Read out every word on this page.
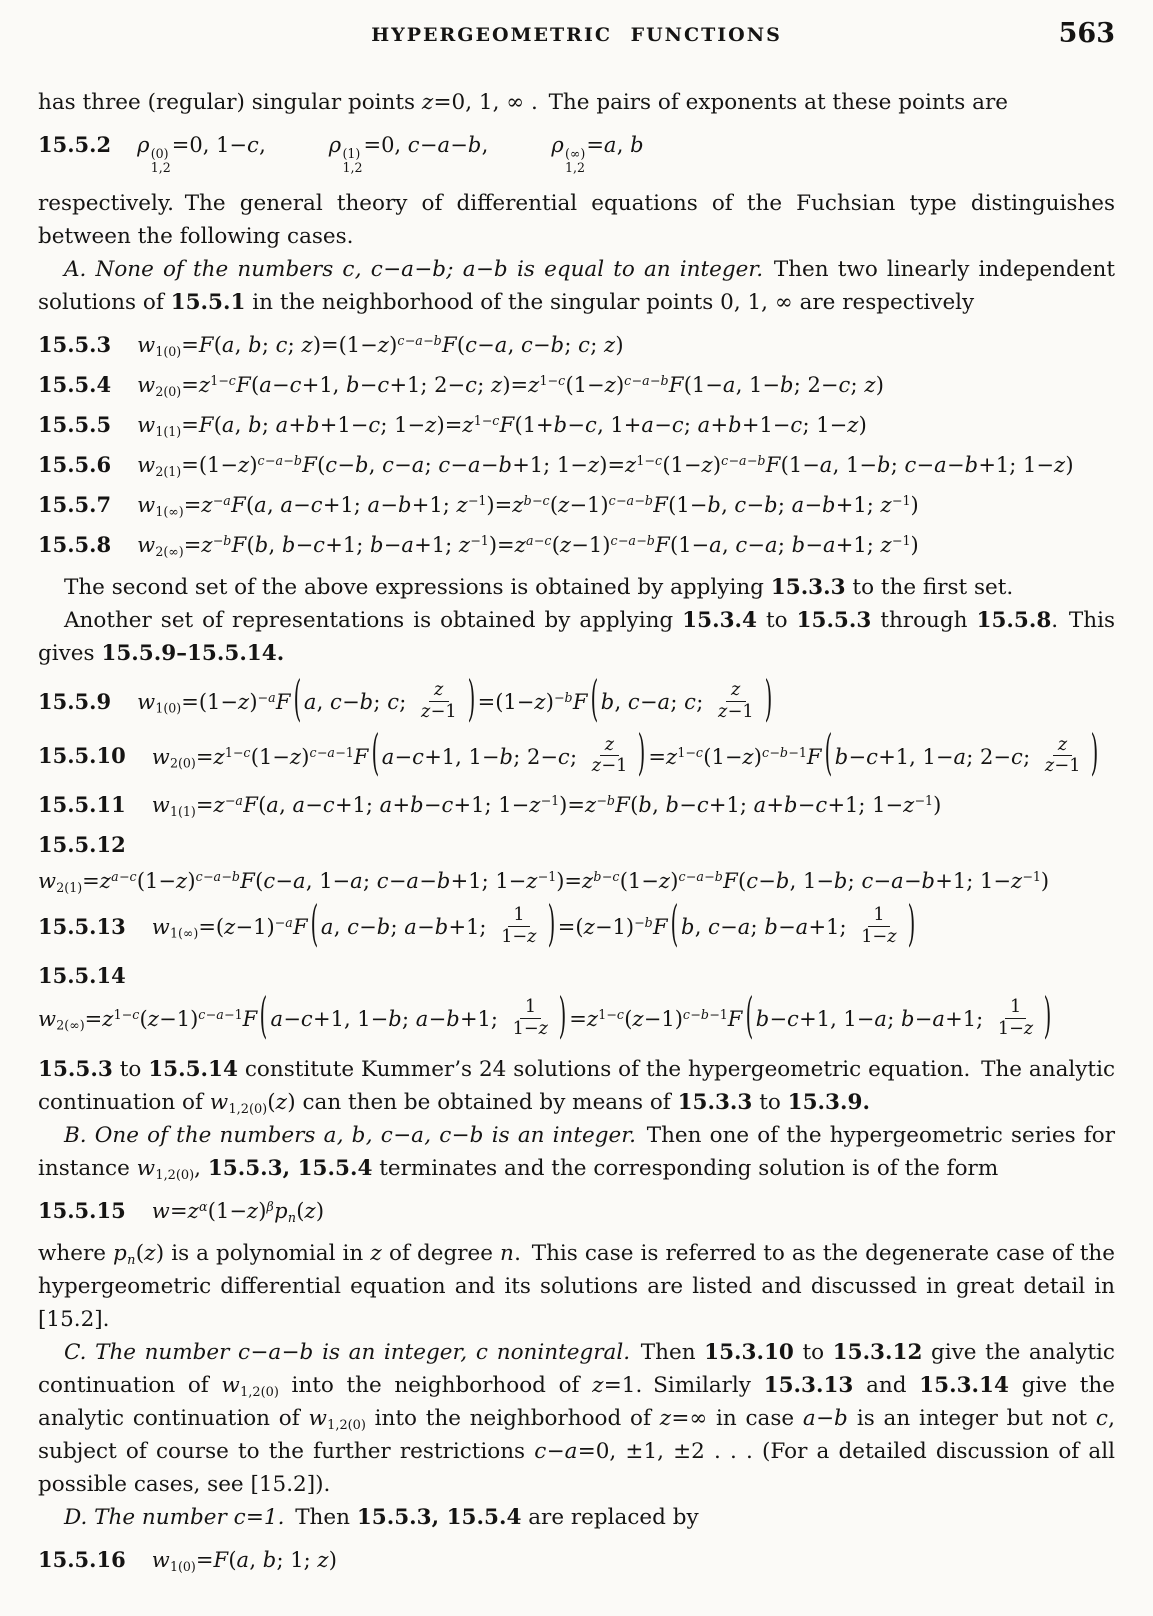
HYPERGEOMETRIC FUNCTIONS	563

has three (regular) singular points z=0, 1, ∞ . The pairs of exponents at these points are

15.5.2 ρ (0)
1,2
=0, 1−c,   ρ (1)
1,2
=0, c−a−b,   ρ (∞)
1,2
=a, b

respectively. The general theory of differential equations of the Fuchsian type distinguishes between the following cases.

A. None of the numbers c, c−a−b; a−b is equal to an integer. Then two linearly independent solutions of 15.5.1 in the neighborhood of the singular points 0, 1, ∞ are respectively

15.5.3 $w_{1(0)}=F(a$, b; c; $z)=(1-z)^{c-a-b}F(c-a$, c−b; c; z)
15.5.4 $w_{2(0)}=z^{1-c}F(a-c+1$, b−c+1; 2−c; $z)=z^{1-c}(1-z)^{c-a-b}F(1-a$, 1−b; 2−c; z)
15.5.5 $w_{1(1)}=F(a$, b; a+b+1−c; $1-z)=z^{1-c}F(1+b-c$, 1+a−c; a+b+1−c; 1−z)
15.5.6 $w_{2(1)}=(1-z)^{c-a-b}F(c-b$, c−a; c−a−b+1; $1-z)=z^{1-c}(1-z)^{c-a-b}F(1-a$, 1−b; c−a−b+1; 1−z)
15.5.7 $w_{1(\infty)}=z^{-a}F(a$, a−c+1; a−b+1; $z^{-1})=z^{b-c}(z-1)^{c-a-b}F(1-b$, c−b; a−b+1; $z^{-1}$)
15.5.8 $w_{2(\infty)}=z^{-b}F(b$, b−c+1; b−a+1; $z^{-1})=z^{a-c}(z-1)^{c-a-b}F(1-a$, c−a; b−a+1; $z^{-1}$)

The second set of the above expressions is obtained by applying 15.3.3 to the first set.

Another set of representations is obtained by applying 15.3.4 to 15.5.3 through 15.5.8. This gives 15.5.9–15.5.14.

15.5.9 $w_{1(0)}=(1-z)^{-a}F$ ( a, c−b; c; $\frac{z}{z-1}$ ) $=(1-z)^{-b}F$ ( b, c−a; c; $\frac{z}{z-1}$ )
15.5.10 $w_{2(0)}=z^{1-c}(1-z)^{c-a-1}F$ ( a−c+1, 1−b; 2−c; $\frac{z}{z-1}$ ) $=z^{1-c}(1-z)^{c-b-1}F$ ( b−c+1, 1−a; 2−c; $\frac{z}{z-1}$ )
15.5.11 $w_{1(1)}=z^{-a}F(a$, a−c+1; a+b−c+1; $1-z^{-1})=z^{-b}F(b$, b−c+1; a+b−c+1; $1-z^{-1}$)
15.5.12
$w_{2(1)}=z^{a-c}(1-z)^{c-a-b}F(c-a$, 1−a; c−a−b+1; $1-z^{-1})=z^{b-c}(1-z)^{c-a-b}F(c-b$, 1−b; c−a−b+1; $1-z^{-1}$)
15.5.13 $w_{1(\infty)}=(z-1)^{-a}F$ ( a, c−b; a−b+1; $\frac{1}{1-z}$ ) $=(z-1)^{-b}F$ ( b, c−a; b−a+1; $\frac{1}{1-z}$ )
15.5.14
$w_{2(\infty)}=z^{1-c}(z-1)^{c-a-1}F$ ( a−c+1, 1−b; a−b+1; $\frac{1}{1-z}$ ) $=z^{1-c}(z-1)^{c-b-1}F$ ( b−c+1, 1−a; b−a+1; $\frac{1}{1-z}$ )

15.5.3 to 15.5.14 constitute Kummer’s 24 solutions of the hypergeometric equation. The analytic continuation of $w_{1,2(0)}(z)$ can then be obtained by means of 15.3.3 to 15.3.9.

B. One of the numbers a, b, c−a, c−b is an integer. Then one of the hypergeometric series for instance $w_{1,2(0)}$, 15.5.3, 15.5.4 terminates and the corresponding solution is of the form

15.5.15 $w=z^\alpha(1-z)^\beta p_n(z)$

where $p_n(z)$ is a polynomial in z of degree n. This case is referred to as the degenerate case of the hypergeometric differential equation and its solutions are listed and discussed in great detail in [15.2].

C. The number c−a−b is an integer, c nonintegral. Then 15.3.10 to 15.3.12 give the analytic continuation of $w_{1,2(0)}$ into the neighborhood of z=1. Similarly 15.3.13 and 15.3.14 give the analytic continuation of $w_{1,2(0)}$ into the neighborhood of z=∞ in case a−b is an integer but not c, subject of course to the further restrictions c−a=0, ±1, ±2 . . . (For a detailed discussion of all possible cases, see [15.2]).

D. The number c=1. Then 15.5.3, 15.5.4 are replaced by

15.5.16 $w_{1(0)}=F(a$, b; 1; z)
